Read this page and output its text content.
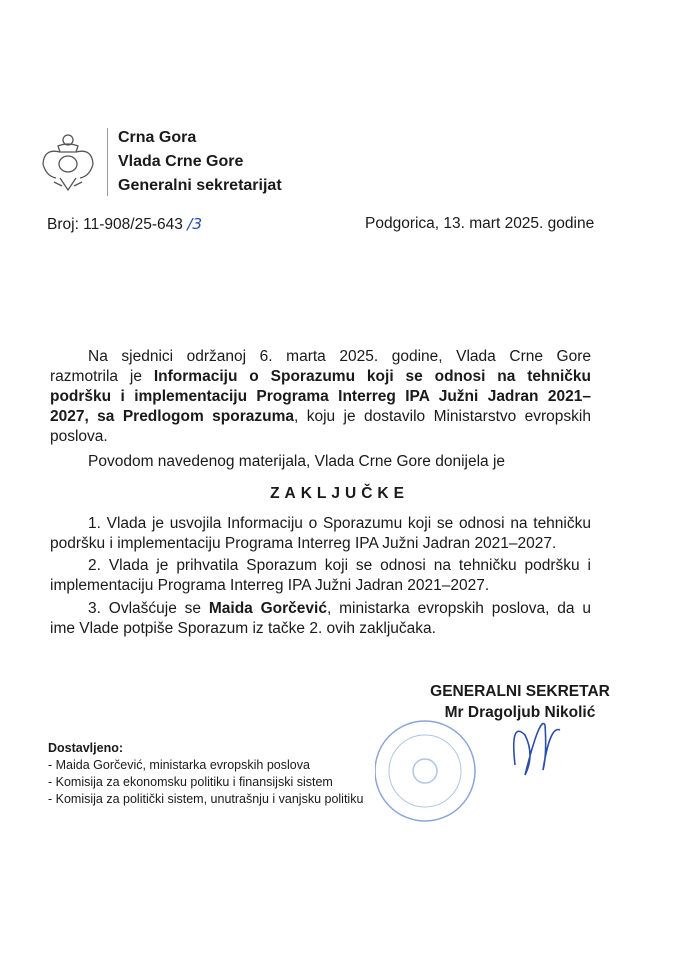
Crna Gora
Vlada Crne Gore
Generalni sekretarijat
Broj: 11-908/25-643 /3	Podgorica, 13. mart 2025. godine
Na sjednici održanoj 6. marta 2025. godine, Vlada Crne Gore
razmotrila je Informaciju o Sporazumu koji se odnosi na tehničku
podršku i implementaciju Programa Interreg IPA Južni Jadran 2021–
2027, sa Predlogom sporazuma, koju je dostavilo Ministarstvo evropskih
poslova.
Povodom navedenog materijala, Vlada Crne Gore donijela je
1. Vlada je usvojila Informaciju o Sporazumu koji se odnosi na tehničku
podršku i implementaciju Programa Interreg IPA Južni Jadran 2021–2027.
2. Vlada je prihvatila Sporazum koji se odnosi na tehničku podršku i
implementaciju Programa Interreg IPA Južni Jadran 2021–2027.
3. Ovlašćuje se Maida Gorčević, ministarka evropskih poslova, da u
ime Vlade potpiše Sporazum iz tačke 2. ovih zaključaka.
ZAKLJUČKE
GENERALNI SEKRETAR
Mr Dragoljub Nikolić
Dostavljeno:
- Maida Gorčević, ministarka evropskih poslova
- Komisija za ekonomsku politiku i finansijski sistem
- Komisija za politički sistem, unutrašnju i vanjsku politiku
